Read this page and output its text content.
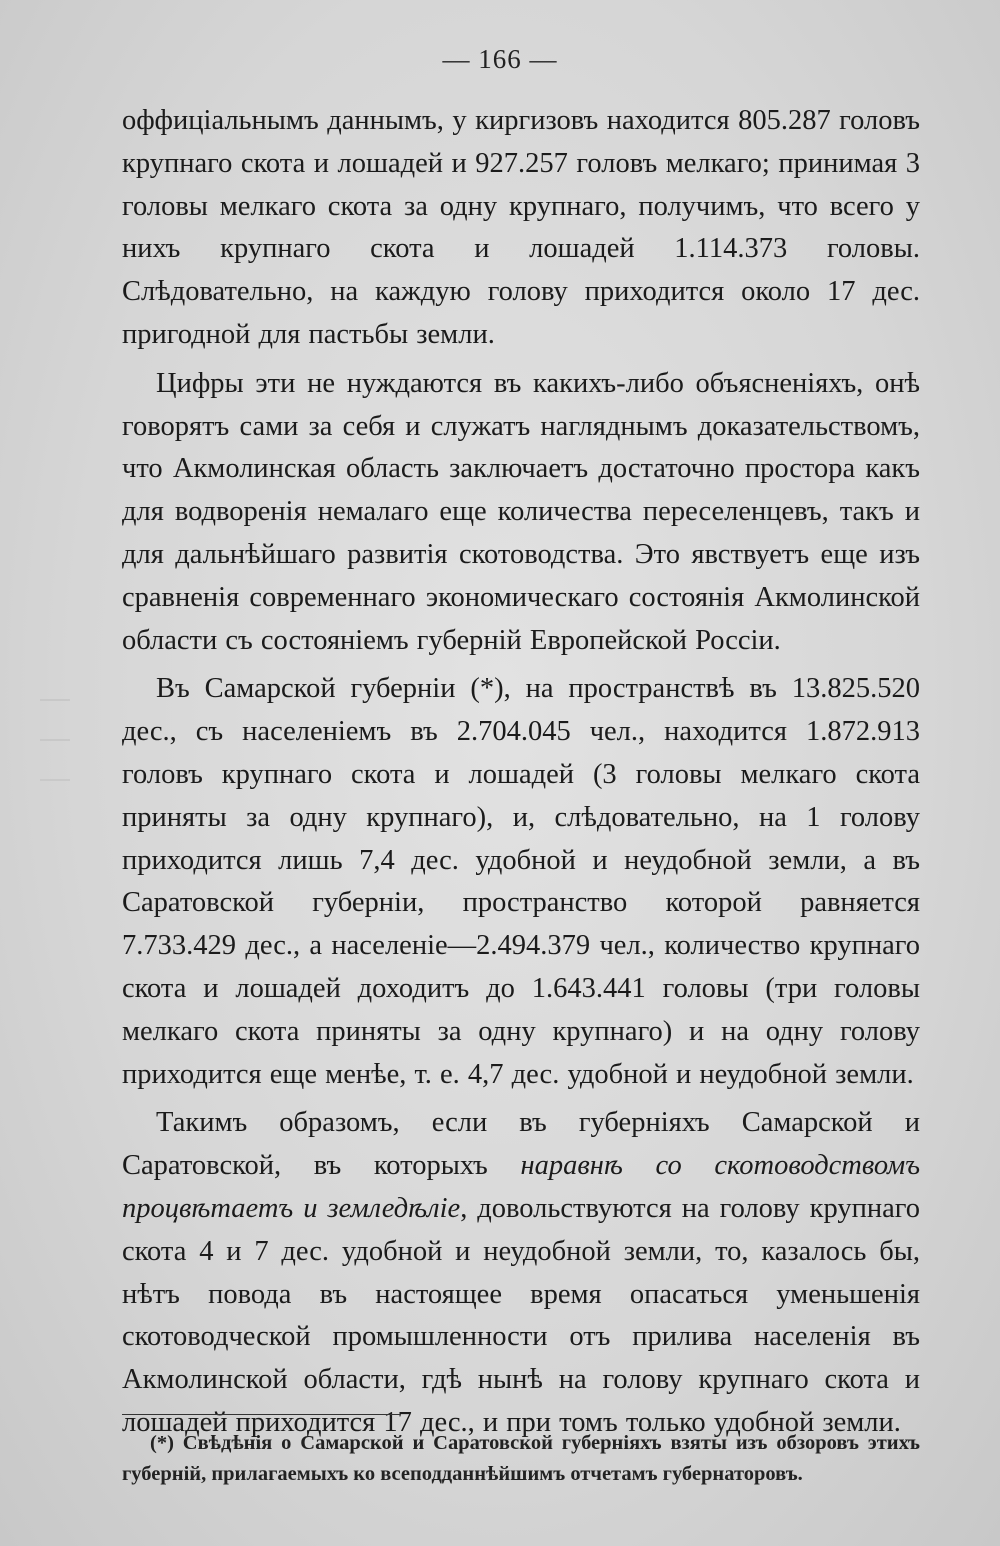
— 166 —

оффиціальнымъ даннымъ, у киргизовъ находится 805.287 головъ крупнаго скота и лошадей и 927.257 головъ мелкаго; принимая 3 головы мелкаго скота за одну крупнаго, получимъ, что всего у нихъ крупнаго скота и лошадей 1.114.373 головы. Слѣдовательно, на каждую голову приходится около 17 дес. пригодной для пастьбы земли.

Цифры эти не нуждаются въ какихъ-либо объясненіяхъ, онѣ говорятъ сами за себя и служатъ нагляднымъ доказательствомъ, что Акмолинская область заключаетъ достаточно простора какъ для водворенія немалаго еще количества переселенцевъ, такъ и для дальнѣйшаго развитія скотоводства. Это явствуетъ еще изъ сравненія современнаго экономическаго состоянія Акмолинской области съ состояніемъ губерній Европейской Россіи.

Въ Самарской губерніи (*), на пространствѣ въ 13.825.520 дес., съ населеніемъ въ 2.704.045 чел., находится 1.872.913 головъ крупнаго скота и лошадей (3 головы мелкаго скота приняты за одну крупнаго), и, слѣдовательно, на 1 голову приходится лишь 7,4 дес. удобной и неудобной земли, а въ Саратовской губерніи, пространство которой равняется 7.733.429 дес., а населеніе—2.494.379 чел., количество крупнаго скота и лошадей доходитъ до 1.643.441 головы (три головы мелкаго скота приняты за одну крупнаго) и на одну голову приходится еще менѣе, т. е. 4,7 дес. удобной и неудобной земли.

Такимъ образомъ, если въ губерніяхъ Самарской и Саратовской, въ которыхъ наравнѣ со скотоводствомъ процвѣтаетъ и земледѣліе, довольствуются на голову крупнаго скота 4 и 7 дес. удобной и неудобной земли, то, казалось бы, нѣтъ повода въ настоящее время опасаться уменьшенія скотоводческой промышленности отъ прилива населенія въ Акмолинской области, гдѣ нынѣ на голову крупнаго скота и лошадей приходится 17 дес., и при томъ только удобной земли.

(*) Свѣдѣнія о Самарской и Саратовской губерніяхъ взяты изъ обзоровъ этихъ губерній, прилагаемыхъ ко всеподданнѣйшимъ отчетамъ губернаторовъ.
